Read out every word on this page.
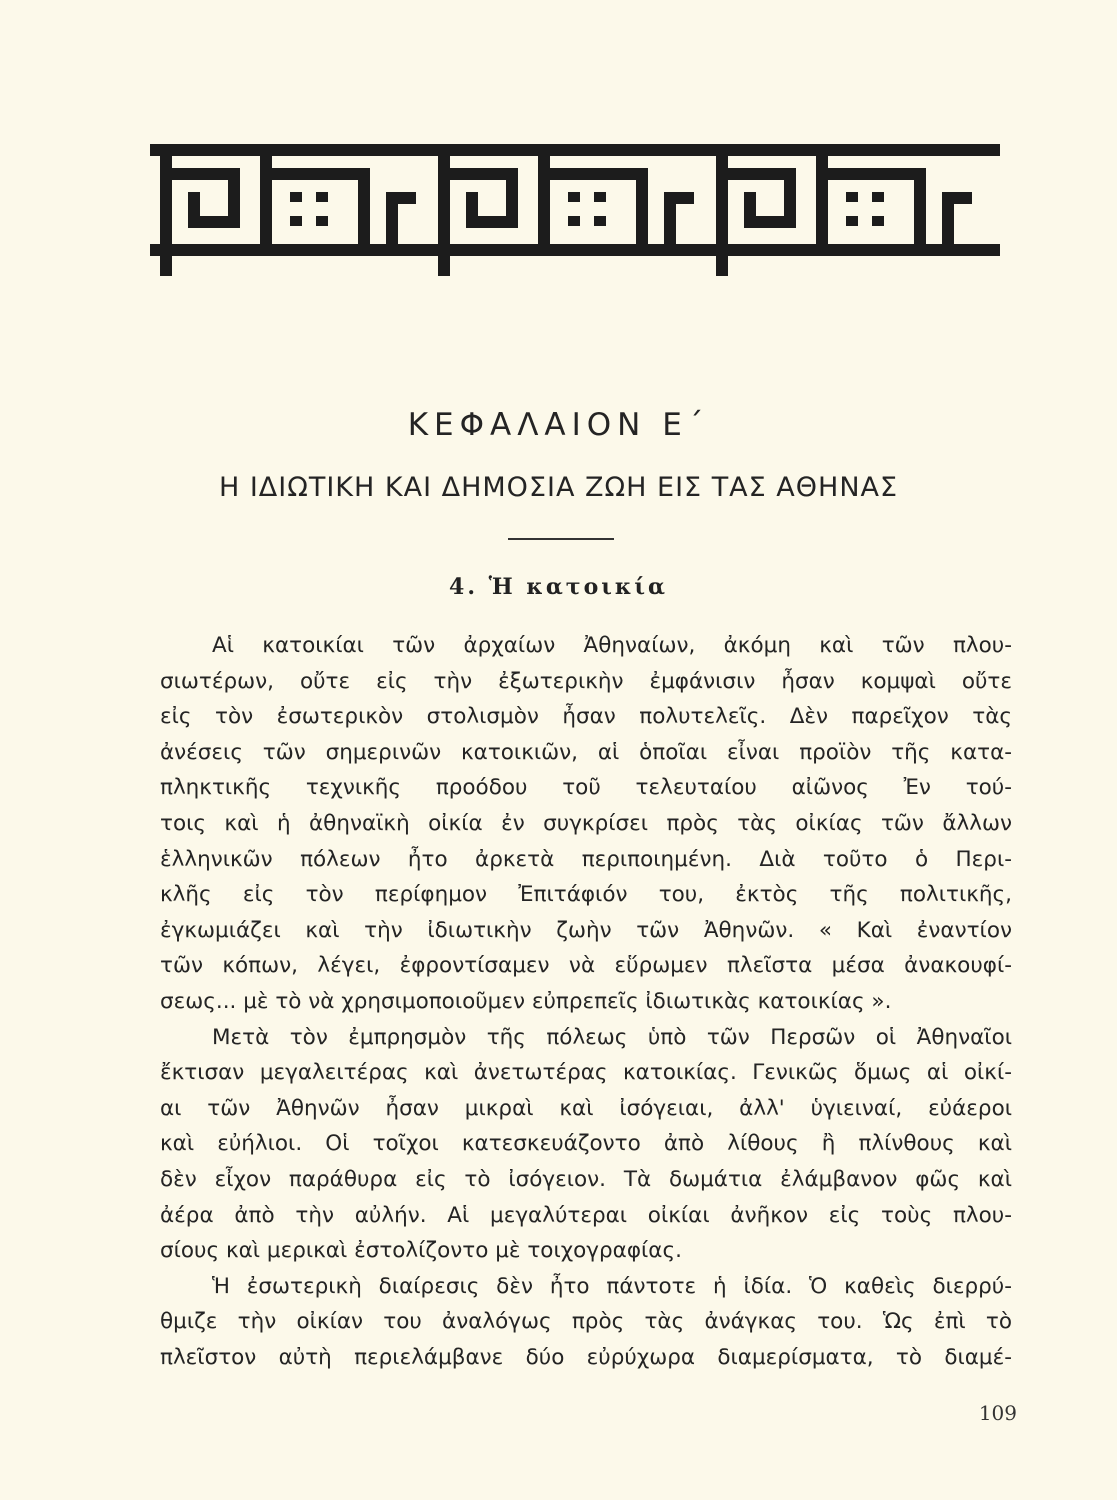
ΚΕΦΑΛΑΙΟΝ Ε΄
Η ΙΔΙΩΤΙΚΗ ΚΑΙ ΔΗΜΟΣΙΑ ΖΩΗ ΕΙΣ ΤΑΣ ΑΘΗΝΑΣ
4. Ἡ κατοικία
Αἱ κατοικίαι τῶν ἀρχαίων Ἀθηναίων, ἀκόμη καὶ τῶν πλου-
σιωτέρων, οὔτε εἰς τὴν ἐξωτερικὴν ἐμφάνισιν ἦσαν κομψαὶ οὔτε
εἰς τὸν ἐσωτερικὸν στολισμὸν ἦσαν πολυτελεῖς. Δὲν παρεῖχον τὰς
ἀνέσεις τῶν σημερινῶν κατοικιῶν, αἱ ὁποῖαι εἶναι προϊὸν τῆς κατα-
πληκτικῆς τεχνικῆς προόδου τοῦ τελευταίου αἰῶνος Ἐν τού-
τοις καὶ ἡ ἀθηναϊκὴ οἰκία ἐν συγκρίσει πρὸς τὰς οἰκίας τῶν ἄλλων
ἑλληνικῶν πόλεων ἦτο ἀρκετὰ περιποιημένη. Διὰ τοῦτο ὁ Περι-
κλῆς εἰς τὸν περίφημον Ἐπιτάφιόν του, ἐκτὸς τῆς πολιτικῆς,
ἐγκωμιάζει καὶ τὴν ἰδιωτικὴν ζωὴν τῶν Ἀθηνῶν. « Καὶ ἐναντίον
τῶν κόπων, λέγει, ἐφροντίσαμεν νὰ εὕρωμεν πλεῖστα μέσα ἀνακουφί-
σεως... μὲ τὸ νὰ χρησιμοποιοῦμεν εὐπρεπεῖς ἰδιωτικὰς κατοικίας ».
Μετὰ τὸν ἐμπρησμὸν τῆς πόλεως ὑπὸ τῶν Περσῶν οἱ Ἀθηναῖοι
ἔκτισαν μεγαλειτέρας καὶ ἀνετωτέρας κατοικίας. Γενικῶς ὅμως αἱ οἰκί-
αι τῶν Ἀθηνῶν ἦσαν μικραὶ καὶ ἰσόγειαι, ἀλλ' ὑγιειναί, εὐάεροι
καὶ εὐήλιοι. Οἱ τοῖχοι κατεσκευάζοντο ἀπὸ λίθους ἢ πλίνθους καὶ
δὲν εἶχον παράθυρα εἰς τὸ ἰσόγειον. Τὰ δωμάτια ἐλάμβανον φῶς καὶ
ἀέρα ἀπὸ τὴν αὐλήν. Αἱ μεγαλύτεραι οἰκίαι ἀνῆκον εἰς τοὺς πλου-
σίους καὶ μερικαὶ ἐστολίζοντο μὲ τοιχογραφίας.
Ἡ ἐσωτερικὴ διαίρεσις δὲν ἦτο πάντοτε ἡ ἰδία. Ὁ καθεὶς διερρύ-
θμιζε τὴν οἰκίαν του ἀναλόγως πρὸς τὰς ἀνάγκας του. Ὡς ἐπὶ τὸ
πλεῖστον αὐτὴ περιελάμβανε δύο εὐρύχωρα διαμερίσματα, τὸ διαμέ-

109
